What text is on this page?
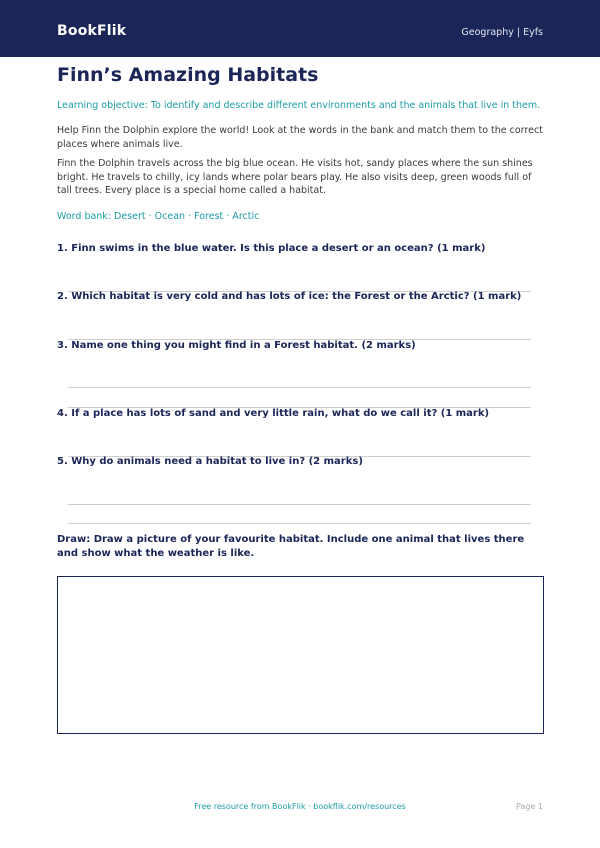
BookFlik	Geography | Eyfs
Finn’s Amazing Habitats
Learning objective: To identify and describe different environments and the animals that live in them.

Help Finn the Dolphin explore the world! Look at the words in the bank and match them to the correct places where animals live.

Finn the Dolphin travels across the big blue ocean. He visits hot, sandy places where the sun shines bright. He travels to chilly, icy lands where polar bears play. He also visits deep, green woods full of tall trees. Every place is a special home called a habitat.

Word bank: Desert · Ocean · Forest · Arctic
1. Finn swims in the blue water. Is this place a desert or an ocean? (1 mark)
2. Which habitat is very cold and has lots of ice: the Forest or the Arctic? (1 mark)
3. Name one thing you might find in a Forest habitat. (2 marks)
4. If a place has lots of sand and very little rain, what do we call it? (1 mark)
5. Why do animals need a habitat to live in? (2 marks)
Draw: Draw a picture of your favourite habitat. Include one animal that lives there and show what the weather is like.
Free resource from BookFlik · bookflik.com/resources	Page 1
